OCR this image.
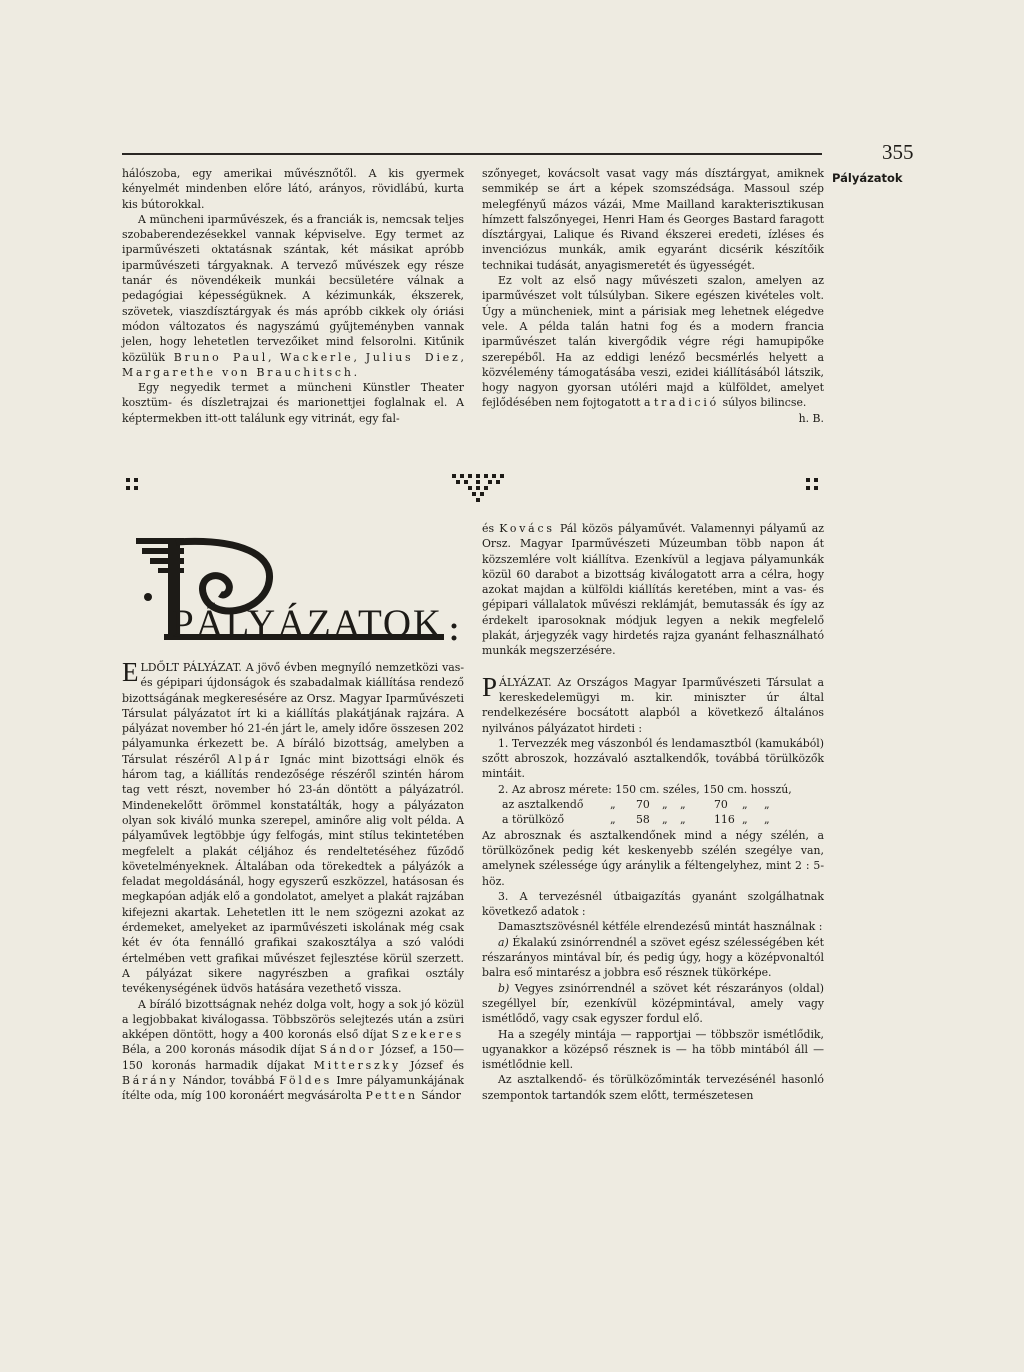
355
Pályázatok

hálószoba, egy amerikai művésznőtől. A kis gyermek kényelmét mindenben előre látó, arányos, rövidlábú, kurta kis bútorokkal.

A müncheni iparművészek, és a franciák is, nemcsak teljes szobaberendezésekkel vannak képviselve. Egy termet az iparművészeti oktatásnak szántak, két másikat apróbb iparművészeti tárgyaknak. A tervező művészek egy része tanár és növendékeik munkái becsületére válnak a pedagógiai képességüknek. A kézimunkák, ékszerek, szövetek, viaszdísztárgyak és más apróbb cikkek oly óriási módon változatos és nagyszámú gyűjteményben vannak jelen, hogy lehetetlen tervezőiket mind felsorolni. Kitűnik közülük Bruno Paul, Wackerle, Julius Diez, Margarethe von Brauchitsch.

Egy negyedik termet a müncheni Künstler Theater kosztüm- és díszletrajzai és marionettjei foglalnak el. A képtermekben itt-ott találunk egy vitrinát, egy fal-

szőnyeget, kovácsolt vasat vagy más dísztárgyat, amiknek semmikép se árt a képek szomszédsága. Massoul szép melegfényű mázos vázái, Mme Mailland karakterisztikusan hímzett falszőnyegei, Henri Ham és Georges Bastard faragott dísztárgyai, Lalique és Rivand ékszerei eredeti, ízléses és invenciózus munkák, amik egyaránt dicsérik készítőik technikai tudását, anyagismeretét és ügyességét.

Ez volt az első nagy művészeti szalon, amelyen az iparművészet volt túlsúlyban. Sikere egészen kivételes volt. Úgy a müncheniek, mint a párisiak meg lehetnek elégedve vele. A példa talán hatni fog és a modern francia iparművészet talán kivergődik végre régi hamupipőke szerepéből. Ha az eddigi lenéző becsmérlés helyett a közvélemény támogatásába veszi, ezidei kiállításából látszik, hogy nagyon gyorsan utóléri majd a külföldet, amelyet fejlődésében nem fojtogatott a tradició súlyos bilincse.
h. B.

PÁLYÁZATOK

ELDŐLT PÁLYÁZAT. A jövő évben megnyíló nemzetközi vas- és gépipari újdonságok és szabadalmak kiállítása rendező bizottságának megkeresésére az Orsz. Magyar Iparművészeti Társulat pályázatot írt ki a kiállítás plakátjának rajzára. A pályázat november hó 21-én járt le, amely időre összesen 202 pályamunka érkezett be. A bíráló bizottság, amelyben a Társulat részéről Alpár Ignác mint bizottsági elnök és három tag, a kiállítás rendezősége részéről szintén három tag vett részt, november hó 23-án döntött a pályázatról. Mindenekelőtt örömmel konstatálták, hogy a pályázaton olyan sok kiváló munka szerepel, aminőre alig volt példa. A pályaművek legtöbbje úgy felfogás, mint stílus tekintetében megfelelt a plakát céljához és rendeltetéséhez fűződő követelményeknek. Általában oda törekedtek a pályázók a feladat megoldásánál, hogy egyszerű eszközzel, hatásosan és megkapóan adják elő a gondolatot, amelyet a plakát rajzában kifejezni akartak. Lehetetlen itt le nem szögezni azokat az érdemeket, amelyeket az iparművészeti iskolának még csak két év óta fennálló grafikai szakosztálya a szó valódi értelmében vett grafikai művészet fejlesztése körül szerzett. A pályázat sikere nagyrészben a grafikai osztály tevékenységének üdvös hatására vezethető vissza.

A bíráló bizottságnak nehéz dolga volt, hogy a sok jó közül a legjobbakat kiválogassa. Többszörös selejtezés után a zsüri akképen döntött, hogy a 400 koronás első díjat Szekeres Béla, a 200 koronás második díjat Sándor József, a 150—150 koronás harmadik díjakat Mitterszky József és Bárány Nándor, továbbá Földes Imre pályamunkájának ítélte oda, míg 100 koronáért megvásárolta Petten Sándor

és Kovács Pál közös pályaművét. Valamennyi pályamű az Orsz. Magyar Iparművészeti Múzeumban több napon át közszemlére volt kiállítva. Ezenkívül a legjava pályamunkák közül 60 darabot a bizottság kiválogatott arra a célra, hogy azokat majdan a külföldi kiállítás keretében, mint a vas- és gépipari vállalatok művészi reklámját, bemutassák és így az érdekelt iparosoknak módjuk legyen a nekik megfelelő plakát, árjegyzék vagy hirdetés rajza gyanánt felhasználható munkák megszerzésére.

PÁLYÁZAT. Az Országos Magyar Iparművészeti Társulat a kereskedelemügyi m. kir. miniszter úr által rendelkezésére bocsátott alapból a következő általános nyilvános pályázatot hirdeti :

1. Tervezzék meg vászonból és lendamasztból (kamukából) szőtt abroszok, hozzávaló asztalkendők, továbbá törülközők mintáit.

2. Az abrosz mérete: 150 cm. széles, 150 cm. hosszú,

az asztalkendő	„	70	„	„	70	„	„
a törülköző	„	58	„	„	116 „	„

Az abrosznak és asztalkendőnek mind a négy szélén, a törülközőnek pedig két keskenyebb szélén szegélye van, amelynek szélessége úgy aránylik a féltengelyhez, mint 2 : 5-höz.

3. A tervezésnél útbaigazítás gyanánt szolgálhatnak következő adatok :

Damasztszövésnél kétféle elrendezésű mintát használnak :

a) Ékalakú zsinórrendnél a szövet egész szélességében két részarányos mintával bír, és pedig úgy, hogy a középvonaltól balra eső mintarész a jobbra eső résznek tükörképe.

b) Vegyes zsinórrendnél a szövet két részarányos (oldal) szegéllyel bír, ezenkívül középmintával, amely vagy ismétlődő, vagy csak egyszer fordul elő.

Ha a szegély mintája — rapportjai — többször ismétlődik, ugyanakkor a középső résznek is — ha több mintából áll — ismétlődnie kell.

Az asztalkendő- és törülközőminták tervezésénél hasonló szempontok tartandók szem előtt, természetesen
